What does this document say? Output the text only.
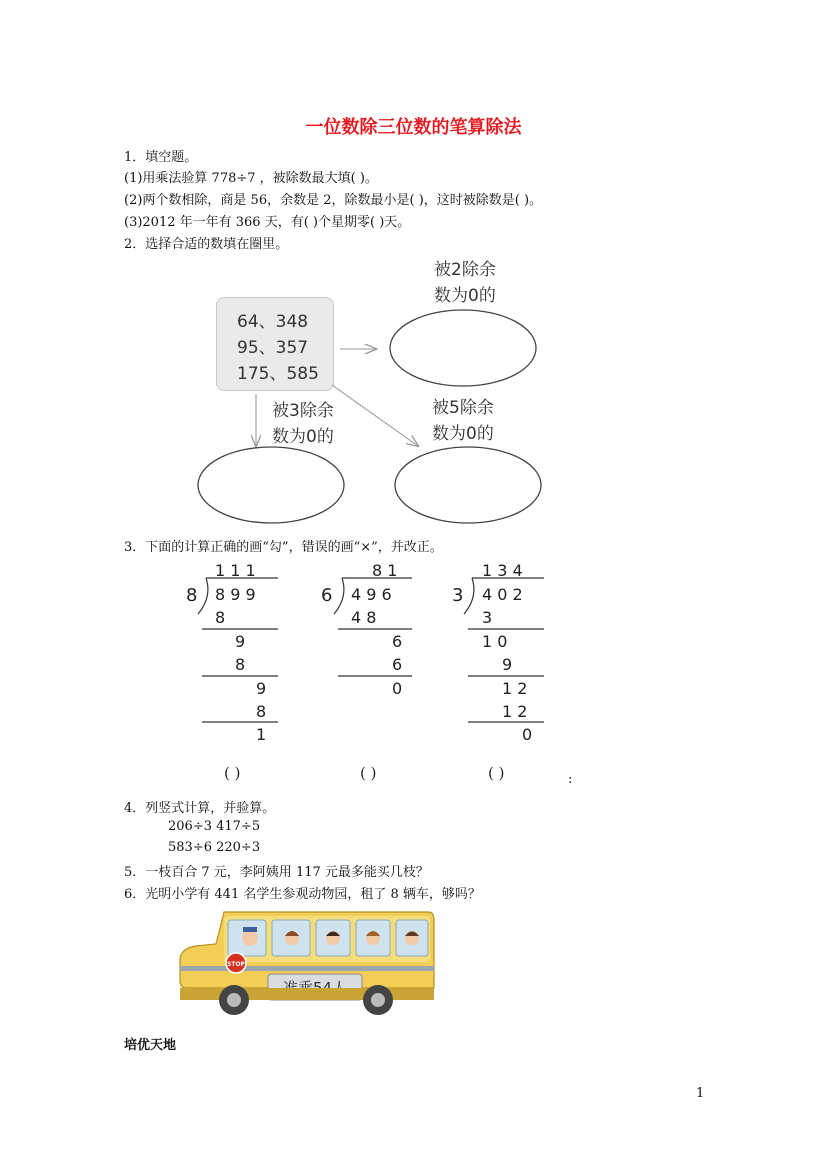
一位数除三位数的笔算除法
1．填空题。
(1)用乘法验算 778÷7 ，被除数最大填( )。
(2)两个数相除，商是 56，余数是 2，除数最小是( )，这时被除数是( )。
(3)2012 年一年有 366 天，有( )个星期零( )天。
2．选择合适的数填在圈里。
64、348
95、357
175、585
被2除余
数为0的
被3除余
数为0的
被5除余
数为0的
3．下面的计算正确的画“勾”，错误的画“×”，并改正。
1 1 1
8 8 9 9
8
9
8
9
8
1
8 1
6 4 9 6
4 8
6
6
0
1 3 4
3 4 0 2
3
1 0
9
1 2
1 2
0
( )	( )	( )	:
4．列竖式计算，并验算。
206÷3 417÷5
583÷6 220÷3
5．一枝百合 7 元，李阿姨用 117 元最多能买几枝？
6．光明小学有 441 名学生参观动物园，租了 8 辆车，够吗？
STOP
培优天地
1
